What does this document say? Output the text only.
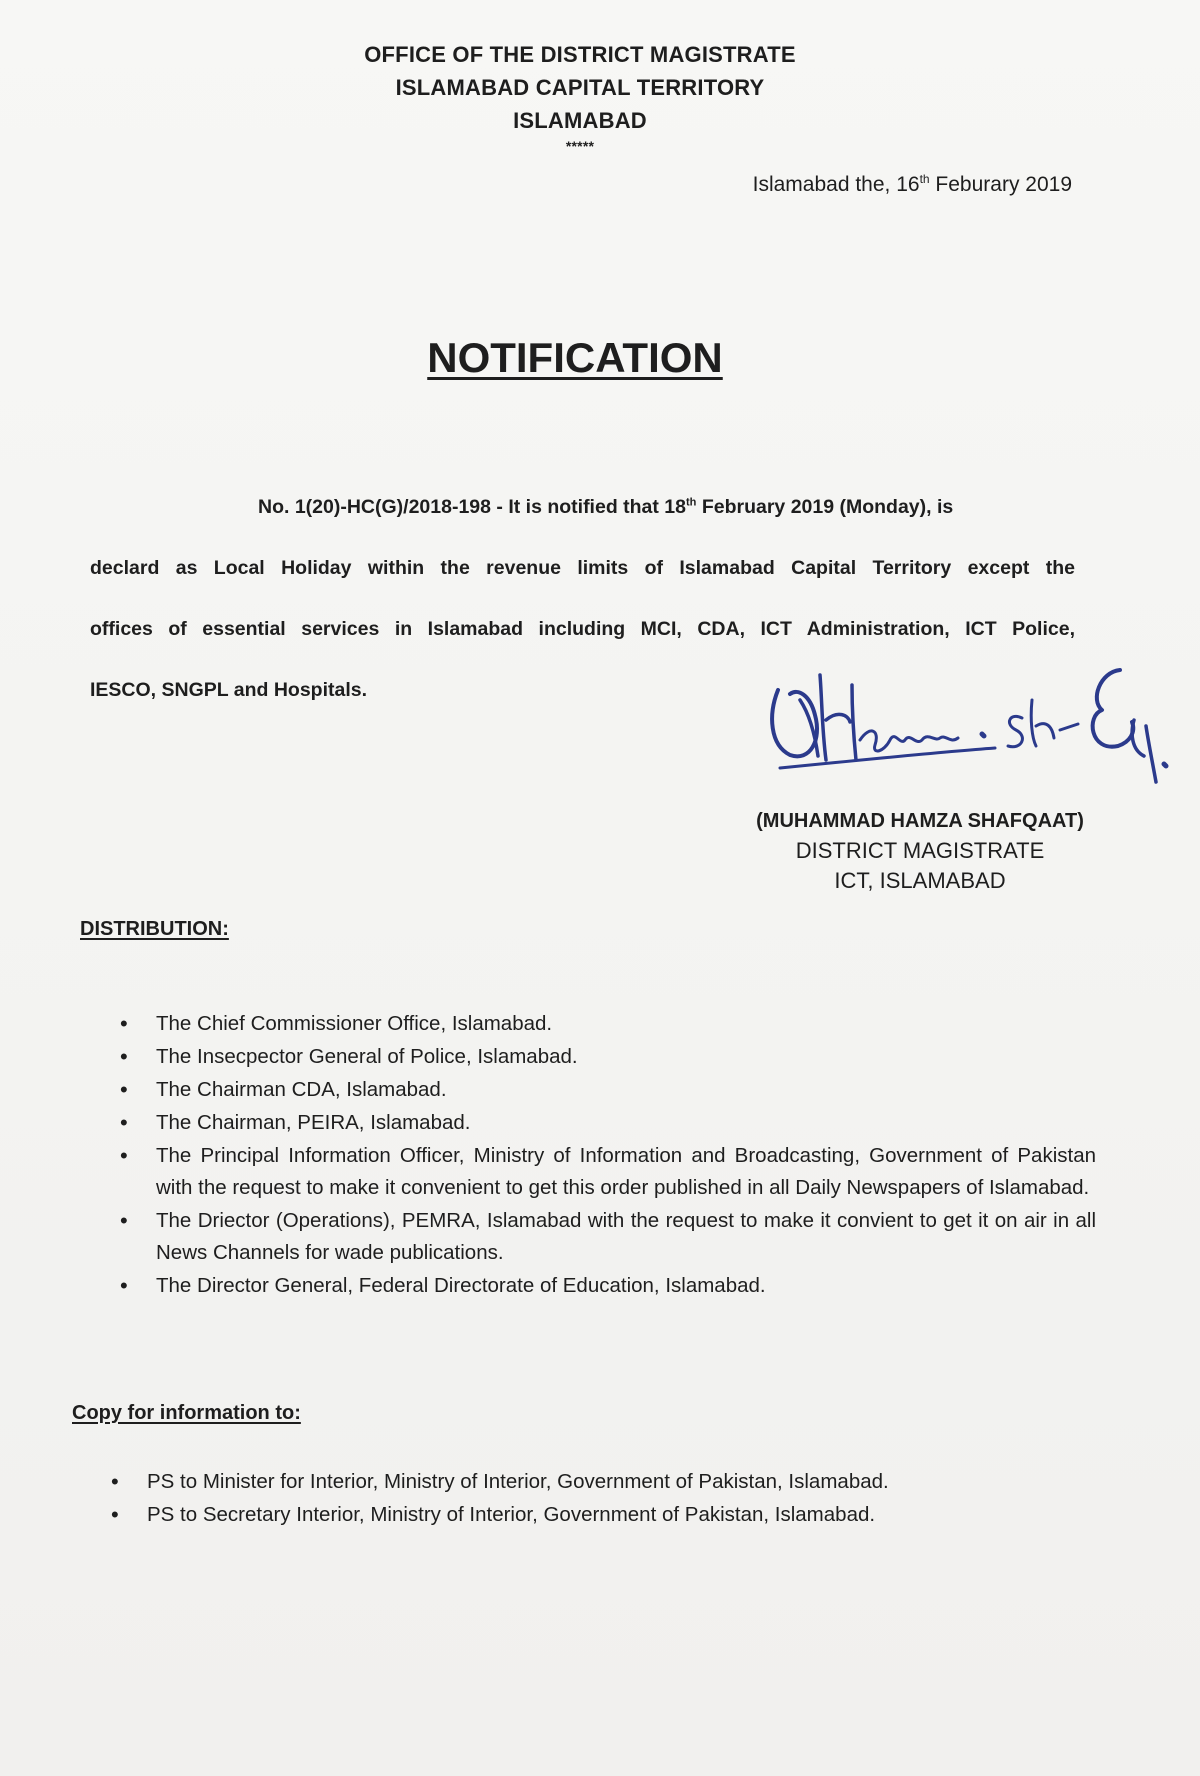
OFFICE OF THE DISTRICT MAGISTRATE
ISLAMABAD CAPITAL TERRITORY
ISLAMABAD
*****
Islamabad the, 16th Feburary 2019
NOTIFICATION
No. 1(20)-HC(G)/2018-198 - It is notified that 18th February 2019 (Monday), is
declard as Local Holiday within the revenue limits of Islamabad Capital Territory except the
offices of essential services in Islamabad including MCI, CDA, ICT Administration, ICT Police,
IESCO, SNGPL and Hospitals.
(MUHAMMAD HAMZA SHAFQAAT)
DISTRICT MAGISTRATE
ICT, ISLAMABAD
DISTRIBUTION:
• The Chief Commissioner Office, Islamabad.
• The Insecpector General of Police, Islamabad.
• The Chairman CDA, Islamabad.
• The Chairman, PEIRA, Islamabad.
• The Principal Information Officer, Ministry of Information and Broadcasting, Government of Pakistan with the request to make it convenient to get this order published in all Daily Newspapers of Islamabad.
• The Driector (Operations), PEMRA, Islamabad with the request to make it convient to get it on air in all News Channels for wade publications.
• The Director General, Federal Directorate of Education, Islamabad.
Copy for information to:
• PS to Minister for Interior, Ministry of Interior, Government of Pakistan, Islamabad.
• PS to Secretary Interior, Ministry of Interior, Government of Pakistan, Islamabad.
